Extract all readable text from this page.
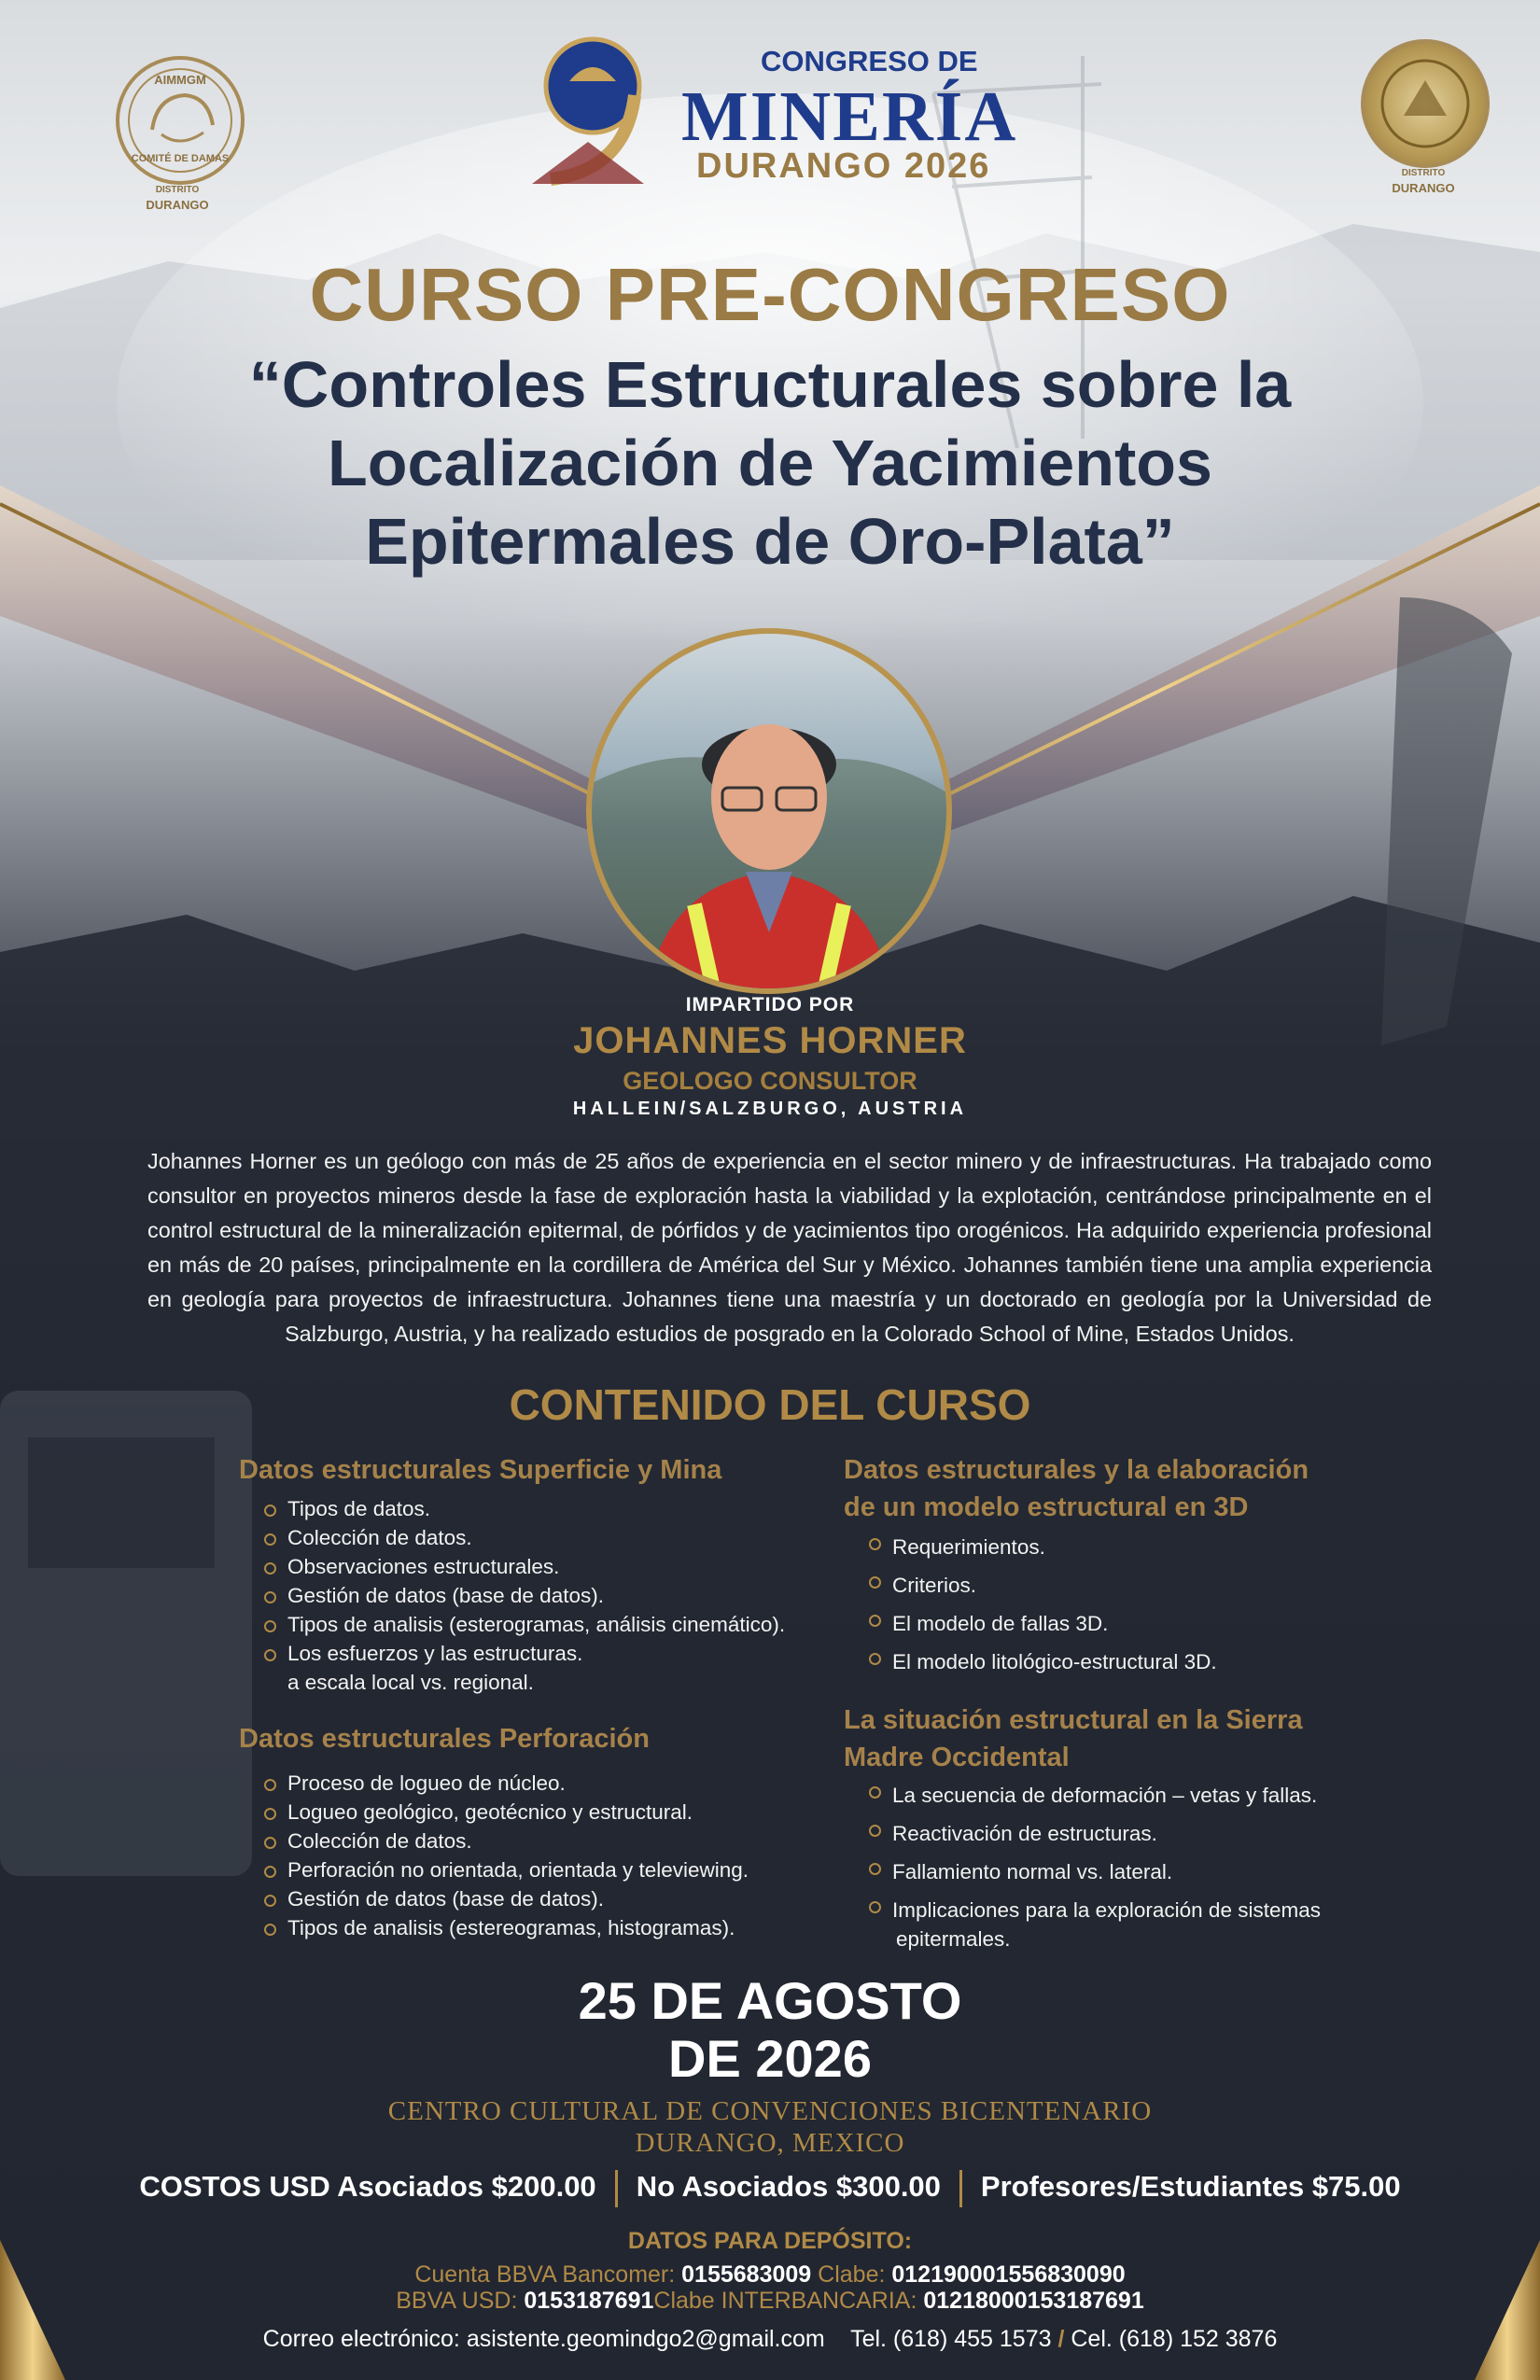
AIMMGM
COMITÉ DE DAMAS
DISTRITO
DURANGO
DISTRITO
DURANGO
CONGRESO DE
MINERÍA
DURANGO 2026
CURSO PRE-CONGRESO
“Controles Estructurales sobre la
Localización de Yacimientos
Epitermales de Oro-Plata”
IMPARTIDO POR
JOHANNES HORNER
GEOLOGO CONSULTOR
HALLEIN/SALZBURGO, AUSTRIA
Johannes Horner es un geólogo con más de 25 años de experiencia en el sector minero y de infraestructuras. Ha trabajado como consultor en proyectos mineros desde la fase de exploración hasta la viabilidad y la explotación, centrándose principalmente en el control estructural de la mineralización epitermal, de pórfidos y de yacimientos tipo orogénicos. Ha adquirido experiencia profesional en más de 20 países, principalmente en la cordillera de América del Sur y México. Johannes también tiene una amplia experiencia en geología para proyectos de infraestructura. Johannes tiene una maestría y un doctorado en geología por la Universidad de Salzburgo, Austria, y ha realizado estudios de posgrado en la Colorado School of Mine, Estados Unidos.
CONTENIDO DEL CURSO
Datos estructurales Superficie y Mina
Tipos de datos.
Colección de datos.
Observaciones estructurales.
Gestión de datos (base de datos).
Tipos de analisis (esterogramas, análisis cinemático).
Los esfuerzos y las estructuras.
a escala local vs. regional.
Datos estructurales Perforación
Proceso de logueo de núcleo.
Logueo geológico, geotécnico y estructural.
Colección de datos.
Perforación no orientada, orientada y televiewing.
Gestión de datos (base de datos).
Tipos de analisis (estereogramas, histogramas).
Datos estructurales y la elaboración
de un modelo estructural en 3D
Requerimientos.
Criterios.
El modelo de fallas 3D.
El modelo litológico-estructural 3D.
La situación estructural en la Sierra
Madre Occidental
La secuencia de deformación – vetas y fallas.
Reactivación de estructuras.
Fallamiento normal vs. lateral.
Implicaciones para la exploración de sistemas
epitermales.
25 DE AGOSTO
DE 2026
CENTRO CULTURAL DE CONVENCIONES BICENTENARIO
DURANGO, MEXICO
COSTOS USD Asociados $200.00 No Asociados $300.00 Profesores/Estudiantes $75.00
DATOS PARA DEPÓSITO:
Cuenta BBVA Bancomer: 0155683009 Clabe: 012190001556830090
BBVA USD: 0153187691Clabe INTERBANCARIA: 012180001531876​91
Correo electrónico: asistente.geomindgo2@gmail.com Tel. (618) 455 1573 / Cel. (618) 152 3876
